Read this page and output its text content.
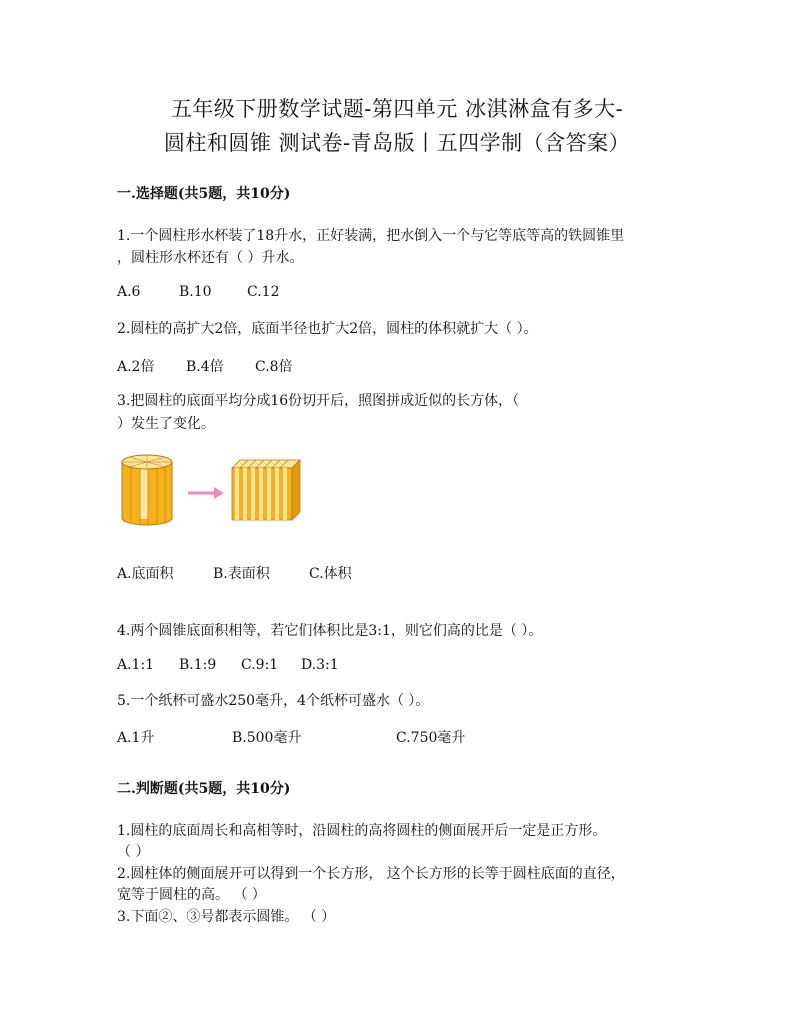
五年级下册数学试题-第四单元 冰淇淋盒有多大-
圆柱和圆锥 测试卷-青岛版丨五四学制（含答案）
一.选择题(共5题，共10分)
1.一个圆柱形水杯装了18升水，正好装满，把水倒入一个与它等底等高的铁圆锥里
，圆柱形水杯还有（ ）升水。
A.6	B.10	C.12
2.圆柱的高扩大2倍，底面半径也扩大2倍，圆柱的体积就扩大（ ）。
A.2倍 B.4倍 C.8倍
3.把圆柱的底面平均分成16份切开后，照图拼成近似的长方体，（
）发生了变化。
A.底面积	B.表面积	C.体积
4.两个圆锥底面积相等，若它们体积比是3:1，则它们高的比是（ ）。
A.1:1 B.1:9 C.9:1 D.3:1
5.一个纸杯可盛水250毫升，4个纸杯可盛水（ ）。
A.1升	B.500毫升	C.750毫升
二.判断题(共5题，共10分)
1.圆柱的底面周长和高相等时，沿圆柱的高将圆柱的侧面展开后一定是正方形。
（ ）
2.圆柱体的侧面展开可以得到一个长方形， 这个长方形的长等于圆柱底面的直径，
宽等于圆柱的高。 （ ）
3.下面②、③号都表示圆锥。 （ ）
